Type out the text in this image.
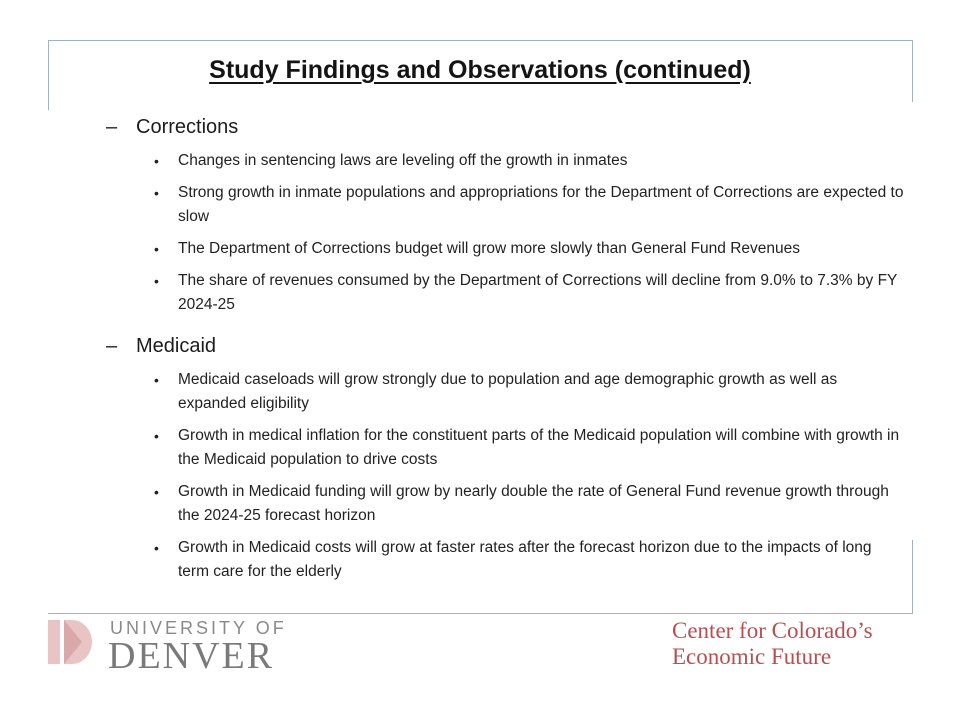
Study Findings and Observations (continued)
– Corrections
• Changes in sentencing laws are leveling off the growth in inmates
• Strong growth in inmate populations and appropriations for the Department of Corrections are expected to slow
• The Department of Corrections budget will grow more slowly than General Fund Revenues
• The share of revenues consumed by the Department of Corrections will decline from 9.0% to 7.3% by FY 2024-25
– Medicaid
• Medicaid caseloads will grow strongly due to population and age demographic growth as well as expanded eligibility
• Growth in medical inflation for the constituent parts of the Medicaid population will combine with growth in the Medicaid population to drive costs
• Growth in Medicaid funding will grow by nearly double the rate of General Fund revenue growth through the 2024-25 forecast horizon
• Growth in Medicaid costs will grow at faster rates after the forecast horizon due to the impacts of long term care for the elderly
UNIVERSITY OF
DENVER
Center for Colorado’s
Economic Future
